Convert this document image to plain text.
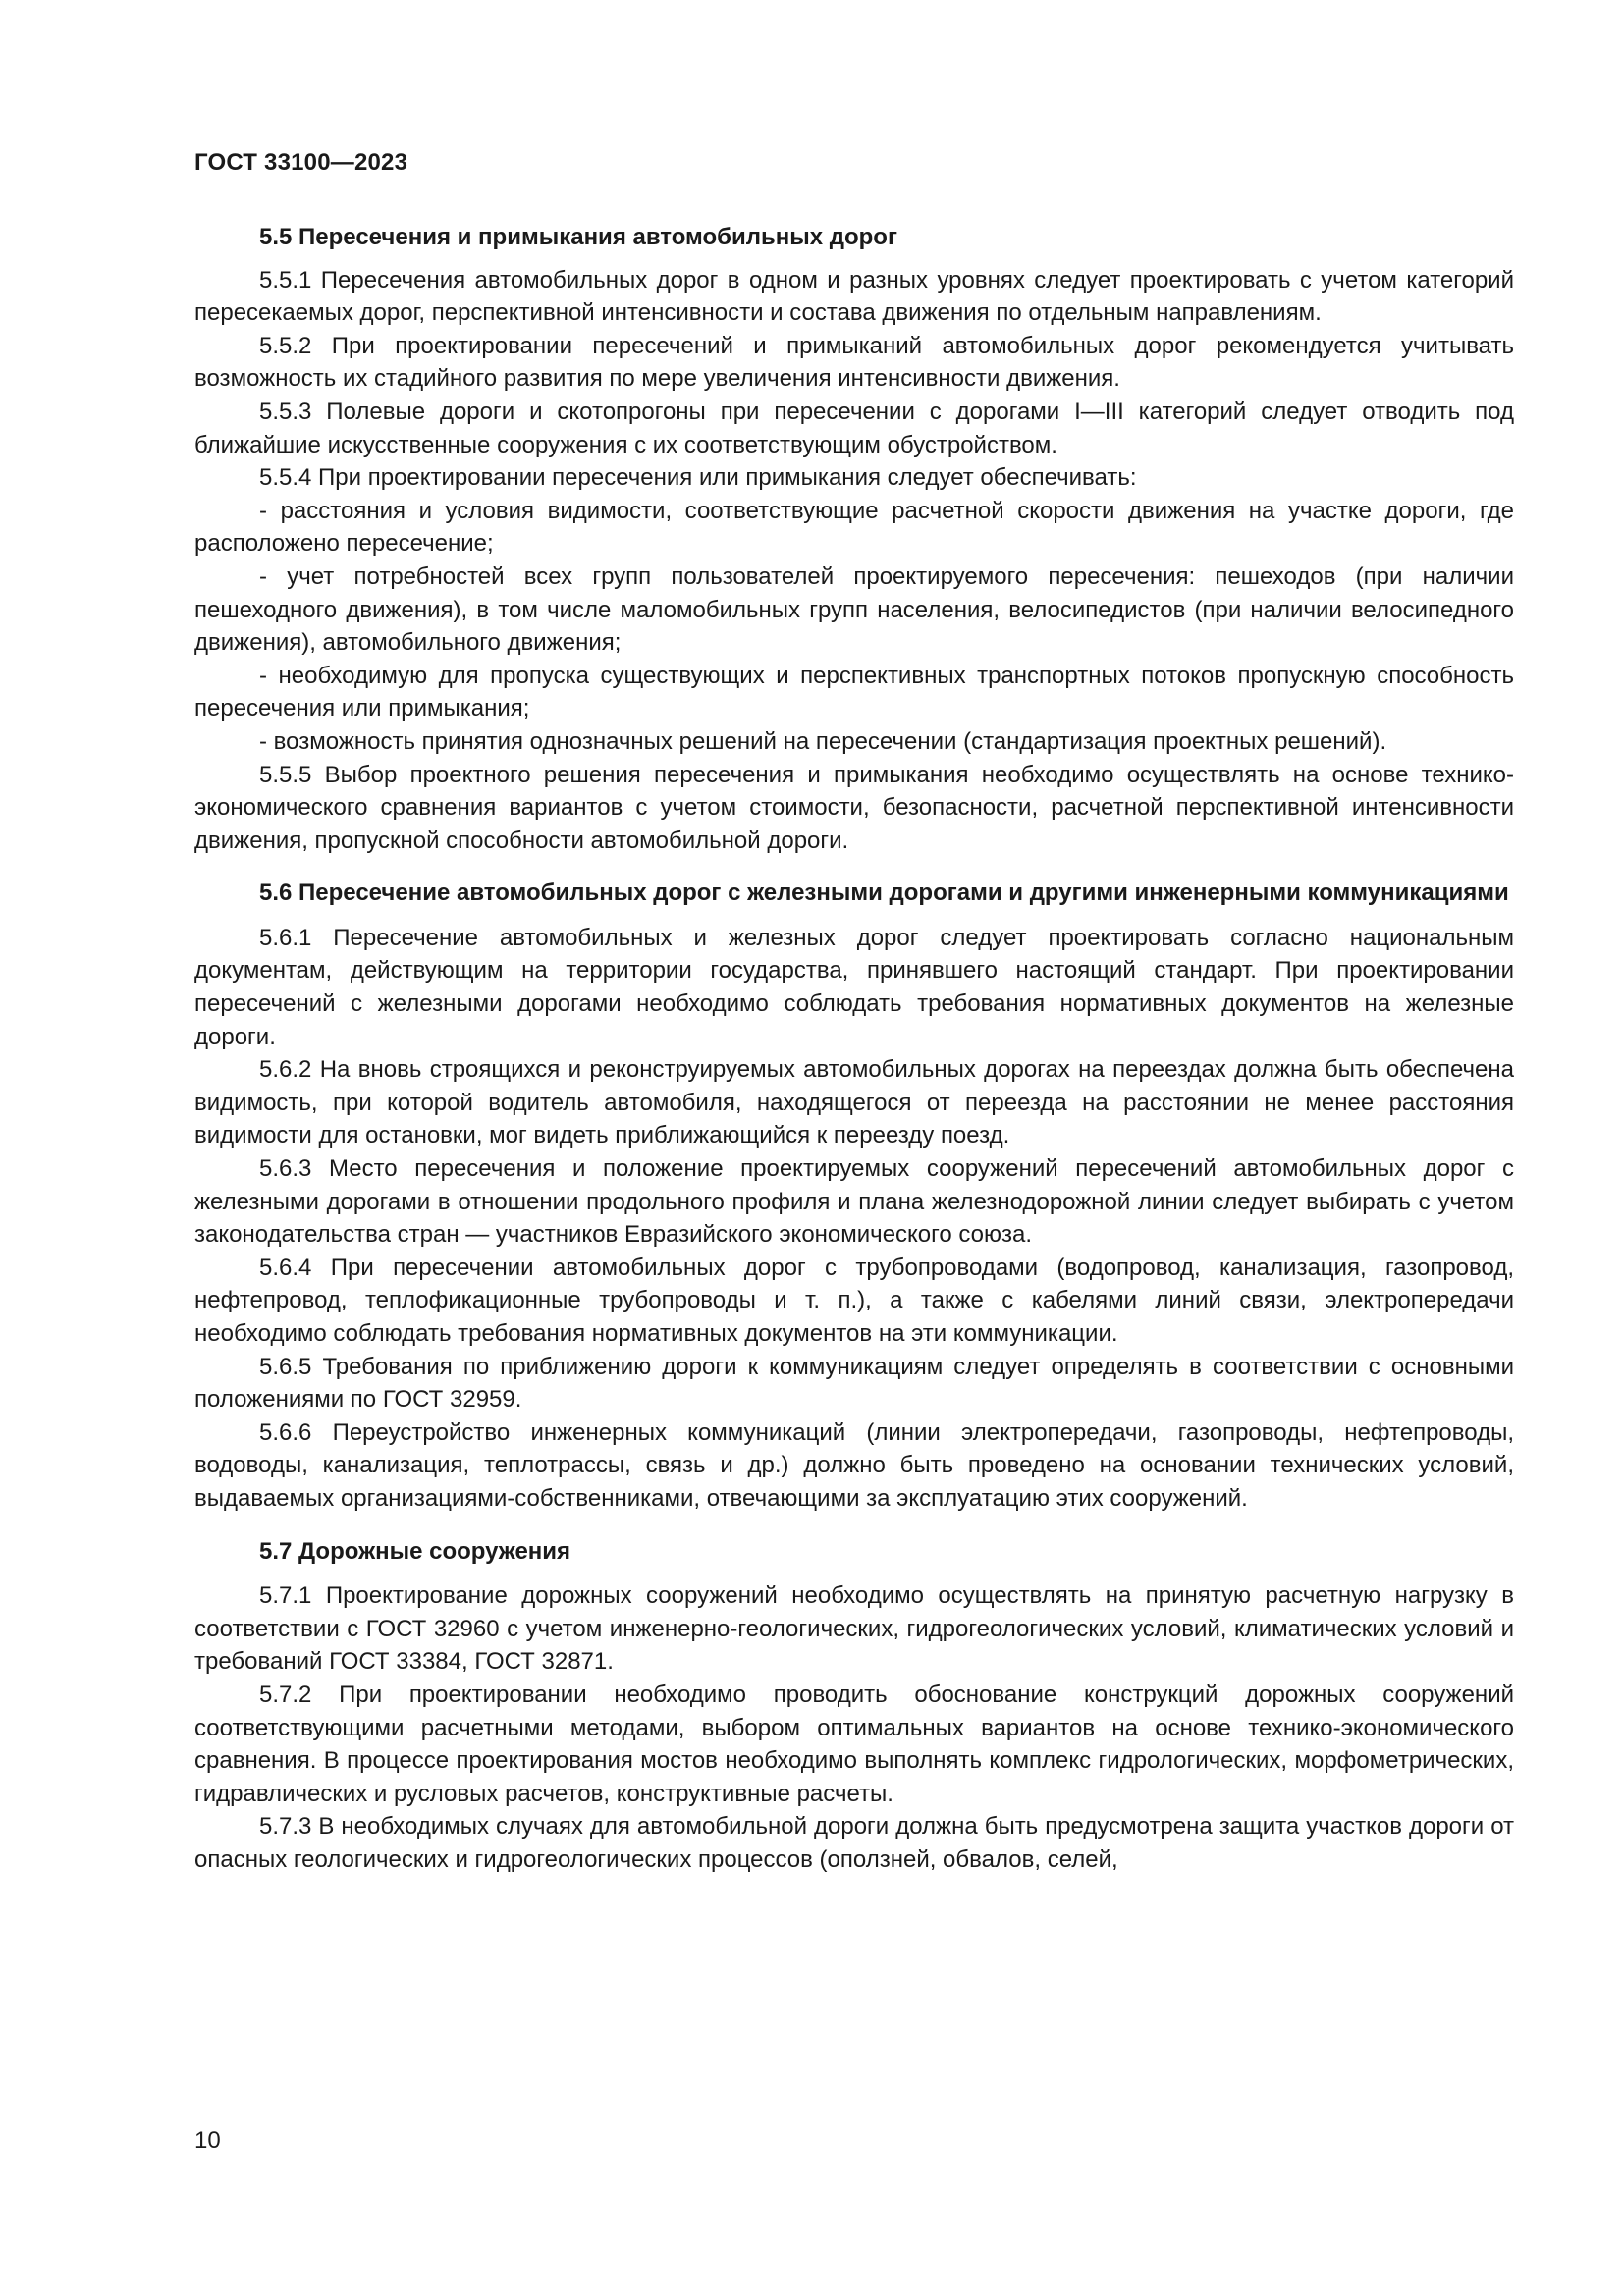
ГОСТ 33100—2023
5.5 Пересечения и примыкания автомобильных дорог

5.5.1 Пересечения автомобильных дорог в одном и разных уровнях следует проектировать с учетом категорий пересекаемых дорог, перспективной интенсивности и состава движения по отдельным направлениям.

5.5.2 При проектировании пересечений и примыканий автомобильных дорог рекомендуется учитывать возможность их стадийного развития по мере увеличения интенсивности движения.

5.5.3 Полевые дороги и скотопрогоны при пересечении с дорогами I—III категорий следует отводить под ближайшие искусственные сооружения с их соответствующим обустройством.

5.5.4 При проектировании пересечения или примыкания следует обеспечивать:

- расстояния и условия видимости, соответствующие расчетной скорости движения на участке дороги, где расположено пересечение;

- учет потребностей всех групп пользователей проектируемого пересечения: пешеходов (при наличии пешеходного движения), в том числе маломобильных групп населения, велосипедистов (при наличии велосипедного движения), автомобильного движения;

- необходимую для пропуска существующих и перспективных транспортных потоков пропускную способность пересечения или примыкания;

- возможность принятия однозначных решений на пересечении (стандартизация проектных решений).

5.5.5 Выбор проектного решения пересечения и примыкания необходимо осуществлять на основе технико-экономического сравнения вариантов с учетом стоимости, безопасности, расчетной перспективной интенсивности движения, пропускной способности автомобильной дороги.

5.6 Пересечение автомобильных дорог с железными дорогами и другими инженерными коммуникациями

5.6.1 Пересечение автомобильных и железных дорог следует проектировать согласно национальным документам, действующим на территории государства, принявшего настоящий стандарт. При проектировании пересечений с железными дорогами необходимо соблюдать требования нормативных документов на железные дороги.

5.6.2 На вновь строящихся и реконструируемых автомобильных дорогах на переездах должна быть обеспечена видимость, при которой водитель автомобиля, находящегося от переезда на расстоянии не менее расстояния видимости для остановки, мог видеть приближающийся к переезду поезд.

5.6.3 Место пересечения и положение проектируемых сооружений пересечений автомобильных дорог с железными дорогами в отношении продольного профиля и плана железнодорожной линии следует выбирать с учетом законодательства стран — участников Евразийского экономического союза.

5.6.4 При пересечении автомобильных дорог с трубопроводами (водопровод, канализация, газопровод, нефтепровод, теплофикационные трубопроводы и т. п.), а также с кабелями линий связи, электропередачи необходимо соблюдать требования нормативных документов на эти коммуникации.

5.6.5 Требования по приближению дороги к коммуникациям следует определять в соответствии с основными положениями по ГОСТ 32959.

5.6.6 Переустройство инженерных коммуникаций (линии электропередачи, газопроводы, нефтепроводы, водоводы, канализация, теплотрассы, связь и др.) должно быть проведено на основании технических условий, выдаваемых организациями-собственниками, отвечающими за эксплуатацию этих сооружений.

5.7 Дорожные сооружения

5.7.1 Проектирование дорожных сооружений необходимо осуществлять на принятую расчетную нагрузку в соответствии с ГОСТ 32960 с учетом инженерно-геологических, гидрогеологических условий, климатических условий и требований ГОСТ 33384, ГОСТ 32871.

5.7.2 При проектировании необходимо проводить обоснование конструкций дорожных сооружений соответствующими расчетными методами, выбором оптимальных вариантов на основе технико-экономического сравнения. В процессе проектирования мостов необходимо выполнять комплекс гидрологических, морфометрических, гидравлических и русловых расчетов, конструктивные расчеты.

5.7.3 В необходимых случаях для автомобильной дороги должна быть предусмотрена защита участков дороги от опасных геологических и гидрогеологических процессов (оползней, обвалов, селей,

10
